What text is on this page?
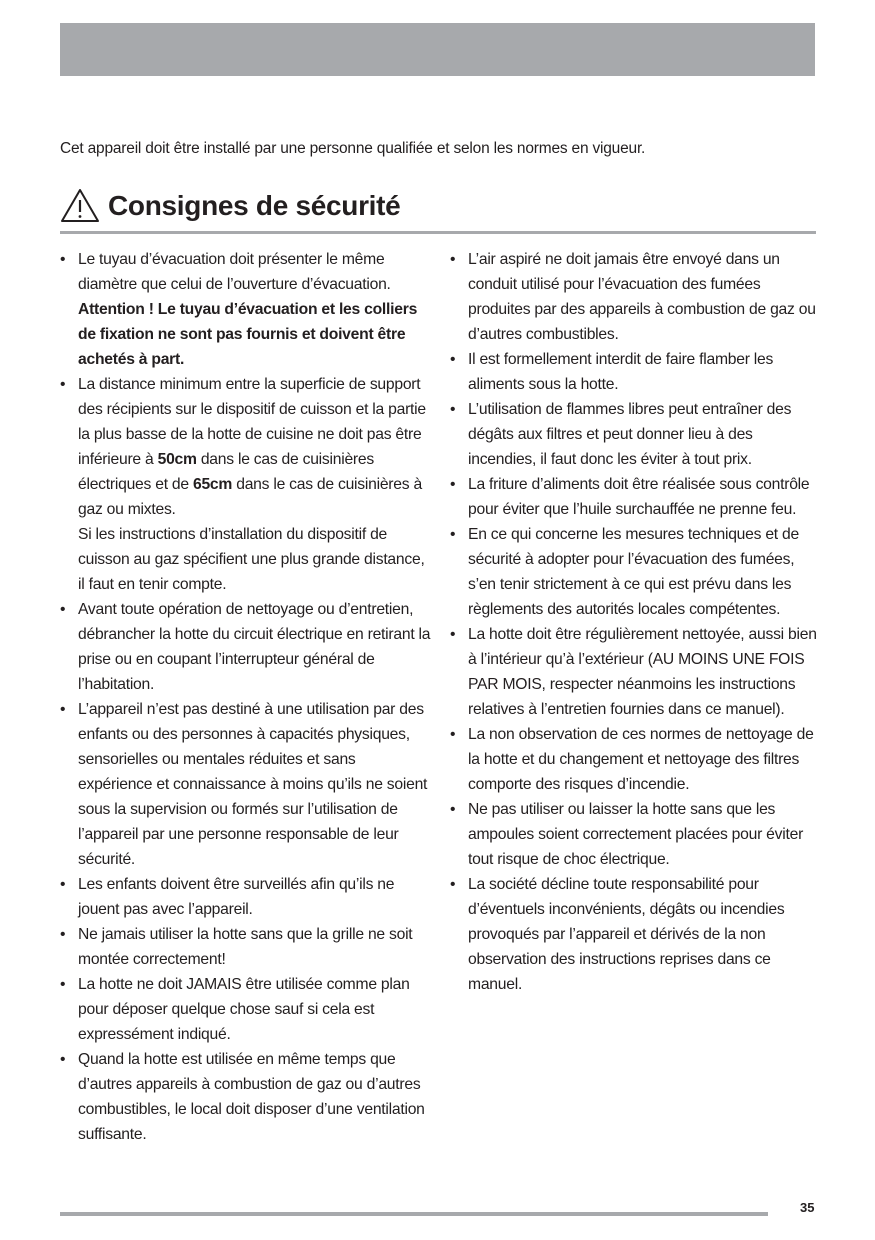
Cet appareil doit être installé par une personne qualifiée et selon les normes en vigueur.
Consignes de sécurité
• Le tuyau d’évacuation doit présenter le même diamètre que celui de l’ouverture d’évacuation.

Attention ! Le tuyau d’évacuation et les colliers de fixation ne sont pas fournis et doivent être achetés à part.

• La distance minimum entre la superficie de support des récipients sur le dispositif de cuisson et la partie la plus basse de la hotte de cuisine ne doit pas être inférieure à 50cm dans le cas de cuisinières électriques et de 65cm dans le cas de cuisinières à gaz ou mixtes.

Si les instructions d’installation du dispositif de cuisson au gaz spécifient une plus grande distance, il faut en tenir compte.

• Avant toute opération de nettoyage ou d’entretien, débrancher la hotte du circuit électrique en retirant la prise ou en coupant l’interrupteur général de l’habitation.
• L’appareil n’est pas destiné à une utilisation par des enfants ou des personnes à capacités physiques, sensorielles ou mentales réduites et sans expérience et connaissance à moins qu’ils ne soient sous la supervision ou formés sur l’utilisation de l’appareil par une personne responsable de leur sécurité.
• Les enfants doivent être surveillés afin qu’ils ne jouent pas avec l’appareil.
• Ne jamais utiliser la hotte sans que la grille ne soit montée correctement!
• La hotte ne doit JAMAIS être utilisée comme plan pour déposer quelque chose sauf si cela est expressément indiqué.
• Quand la hotte est utilisée en même temps que d’autres appareils à combustion de gaz ou d’autres combustibles, le local doit disposer d’une ventilation suffisante.
• L’air aspiré ne doit jamais être envoyé dans un conduit utilisé pour l’évacuation des fumées produites par des appareils à combustion de gaz ou d’autres combustibles.
• Il est formellement interdit de faire flamber les aliments sous la hotte.
• L’utilisation de flammes libres peut entraîner des dégâts aux filtres et peut donner lieu à des incendies, il faut donc les éviter à tout prix.
• La friture d’aliments doit être réalisée sous contrôle pour éviter que l’huile surchauffée ne prenne feu.
• En ce qui concerne les mesures techniques et de sécurité à adopter pour l’évacuation des fumées, s’en tenir strictement à ce qui est prévu dans les règlements des autorités locales compétentes.
• La hotte doit être régulièrement nettoyée, aussi bien à l’intérieur qu’à l’extérieur (AU MOINS UNE FOIS PAR MOIS, respecter néanmoins les instructions relatives à l’entretien fournies dans ce manuel).
• La non observation de ces normes de nettoyage de la hotte et du changement et nettoyage des filtres comporte des risques d’incendie.
• Ne pas utiliser ou laisser la hotte sans que les ampoules soient correctement placées pour éviter tout risque de choc électrique.
• La société décline toute responsabilité pour d’éventuels inconvénients, dégâts ou incendies provoqués par l’appareil et dérivés de la non observation des instructions reprises dans ce manuel.
35
